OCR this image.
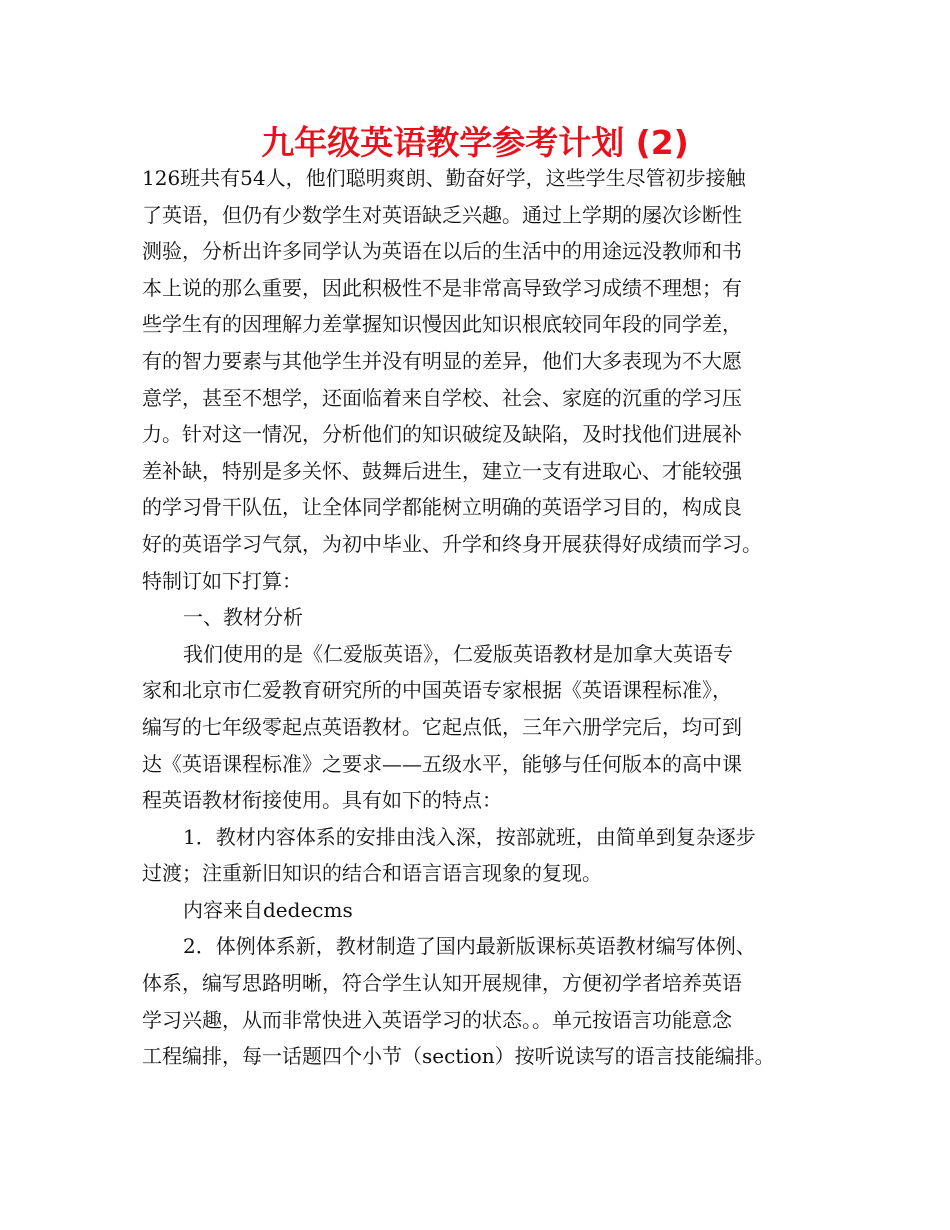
九年级英语教学参考计划 (2)

126班共有54人，他们聪明爽朗、勤奋好学，这些学生尽管初步接触

了英语，但仍有少数学生对英语缺乏兴趣。通过上学期的屡次诊断性

测验，分析出许多同学认为英语在以后的生活中的用途远没教师和书

本上说的那么重要，因此积极性不是非常高导致学习成绩不理想；有

些学生有的因理解力差掌握知识慢因此知识根底较同年段的同学差，

有的智力要素与其他学生并没有明显的差异，他们大多表现为不大愿

意学，甚至不想学，还面临着来自学校、社会、家庭的沉重的学习压

力。针对这一情况，分析他们的知识破绽及缺陷，及时找他们进展补

差补缺，特别是多关怀、鼓舞后进生，建立一支有进取心、才能较强

的学习骨干队伍，让全体同学都能树立明确的英语学习目的，构成良

好的英语学习气氛，为初中毕业、升学和终身开展获得好成绩而学习。

特制订如下打算：

一、教材分析

我们使用的是《仁爱版英语》，仁爱版英语教材是加拿大英语专

家和北京市仁爱教育研究所的中国英语专家根据《英语课程标准》，

编写的七年级零起点英语教材。它起点低，三年六册学完后，均可到

达《英语课程标准》之要求——五级水平，能够与任何版本的高中课

程英语教材衔接使用。具有如下的特点：

1．教材内容体系的安排由浅入深，按部就班，由简单到复杂逐步

过渡；注重新旧知识的结合和语言语言现象的复现。

内容来自dedecms

2．体例体系新，教材制造了国内最新版课标英语教材编写体例、

体系，编写思路明晰，符合学生认知开展规律，方便初学者培养英语

学习兴趣，从而非常快进入英语学习的状态。。单元按语言功能意念

工程编排，每一话题四个小节（section）按听说读写的语言技能编排。
